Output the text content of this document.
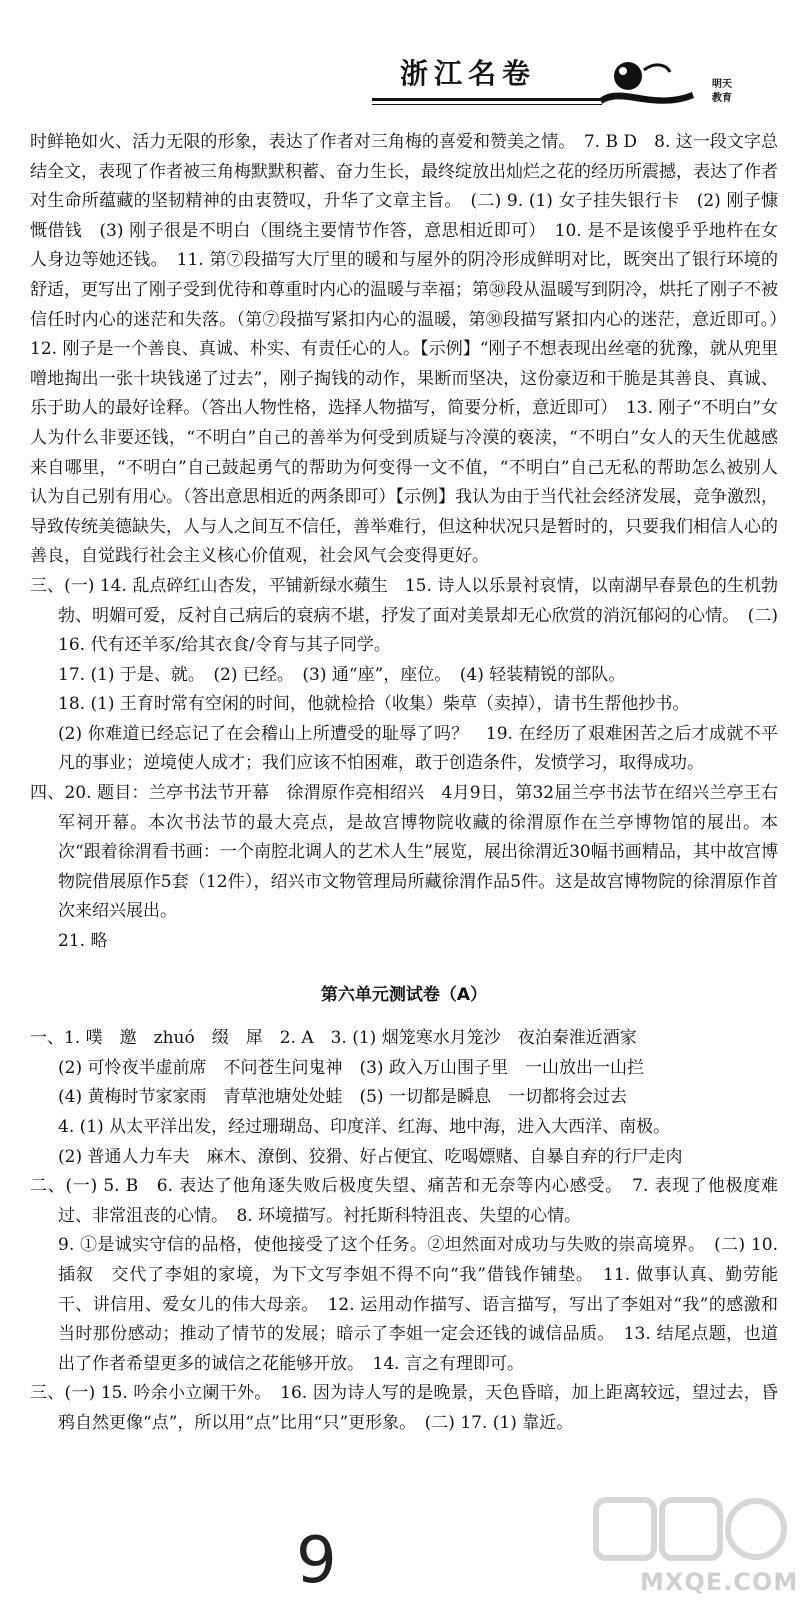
浙江名卷	明天教育

时鲜艳如火、活力无限的形象，表达了作者对三角梅的喜爱和赞美之情。　7. B D　8. 这一段文字总结全文，表现了作者被三角梅默默积蓄、奋力生长，最终绽放出灿烂之花的经历所震撼，表达了作者对生命所蕴藏的坚韧精神的由衷赞叹，升华了文章主旨。　(二) 9. (1) 女子挂失银行卡　(2) 刚子慷慨借钱　(3) 刚子很是不明白（围绕主要情节作答，意思相近即可）　10. 是不是该傻乎乎地杵在女人身边等她还钱。　11. 第⑦段描写大厅里的暖和与屋外的阴冷形成鲜明对比，既突出了银行环境的舒适，更写出了刚子受到优待和尊重时内心的温暖与幸福；第㉚段从温暖写到阴冷，烘托了刚子不被信任时内心的迷茫和失落。（第⑦段描写紧扣内心的温暖，第㉚段描写紧扣内心的迷茫，意近即可。）　12. 刚子是一个善良、真诚、朴实、有责任心的人。【示例】“刚子不想表现出丝毫的犹豫，就从兜里噌地掏出一张十块钱递了过去”，刚子掏钱的动作，果断而坚决，这份豪迈和干脆是其善良、真诚、乐于助人的最好诠释。（答出人物性格，选择人物描写，简要分析，意近即可）　13. 刚子“不明白”女人为什么非要还钱，“不明白”自己的善举为何受到质疑与冷漠的亵渎，“不明白”女人的天生优越感来自哪里，“不明白”自己鼓起勇气的帮助为何变得一文不值，“不明白”自己无私的帮助怎么被别人认为自己别有用心。（答出意思相近的两条即可）【示例】我认为由于当代社会经济发展，竞争激烈，导致传统美德缺失，人与人之间互不信任，善举难行，但这种状况只是暂时的，只要我们相信人心的善良，自觉践行社会主义核心价值观，社会风气会变得更好。

三、(一) 14. 乱点碎红山杏发，平铺新绿水蘋生　15. 诗人以乐景衬哀情，以南湖早春景色的生机勃勃、明媚可爱，反衬自己病后的衰病不堪，抒发了面对美景却无心欣赏的消沉郁闷的心情。　(二) 16. 代有还羊豕/给其衣食/令育与其子同学。

17. (1) 于是、就。　(2) 已经。　(3) 通“座”，座位。　(4) 轻装精锐的部队。

18. (1) 王育时常有空闲的时间，他就检拾（收集）柴草（卖掉），请书生帮他抄书。

(2) 你难道已经忘记了在会稽山上所遭受的耻辱了吗？　19. 在经历了艰难困苦之后才成就不平凡的事业；逆境使人成才；我们应该不怕困难，敢于创造条件，发愤学习，取得成功。

四、20. 题目：兰亭书法节开幕　徐渭原作亮相绍兴　4月9日，第32届兰亭书法节在绍兴兰亭王右军祠开幕。本次书法节的最大亮点，是故宫博物院收藏的徐渭原作在兰亭博物馆的展出。本次“跟着徐渭看书画：一个南腔北调人的艺术人生”展览，展出徐渭近30幅书画精品，其中故宫博物院借展原作5套（12件），绍兴市文物管理局所藏徐渭作品5件。这是故宫博物院的徐渭原作首次来绍兴展出。

21. 略

第六单元测试卷（A）

一、1. 噗　邀　zhuó　缀　犀　2. A　3. (1) 烟笼寒水月笼沙　夜泊秦淮近酒家

(2) 可怜夜半虚前席　不问苍生问鬼神　(3) 政入万山围子里　一山放出一山拦

(4) 黄梅时节家家雨　青草池塘处处蛙　(5) 一切都是瞬息　一切都将会过去

4. (1) 从太平洋出发，经过珊瑚岛、印度洋、红海、地中海，进入大西洋、南极。

(2) 普通人力车夫　麻木、潦倒、狡猾、好占便宜、吃喝嫖赌、自暴自弃的行尸走肉

二、(一) 5. B　6. 表达了他角逐失败后极度失望、痛苦和无奈等内心感受。　7. 表现了他极度难过、非常沮丧的心情。　8. 环境描写。衬托斯科特沮丧、失望的心情。

9. ①是诚实守信的品格，使他接受了这个任务。②坦然面对成功与失败的崇高境界。　(二) 10. 插叙　交代了李姐的家境，为下文写李姐不得不向“我”借钱作铺垫。　11. 做事认真、勤劳能干、讲信用、爱女儿的伟大母亲。　12. 运用动作描写、语言描写，写出了李姐对“我”的感激和当时那份感动；推动了情节的发展；暗示了李姐一定会还钱的诚信品质。　13. 结尾点题，也道出了作者希望更多的诚信之花能够开放。　14. 言之有理即可。

三、(一) 15. 吟余小立阑干外。　16. 因为诗人写的是晚景，天色昏暗，加上距离较远，望过去，昏鸦自然更像“点”，所以用“点”比用“只”更形象。　(二) 17. (1) 靠近。

9	MXQE.COM
